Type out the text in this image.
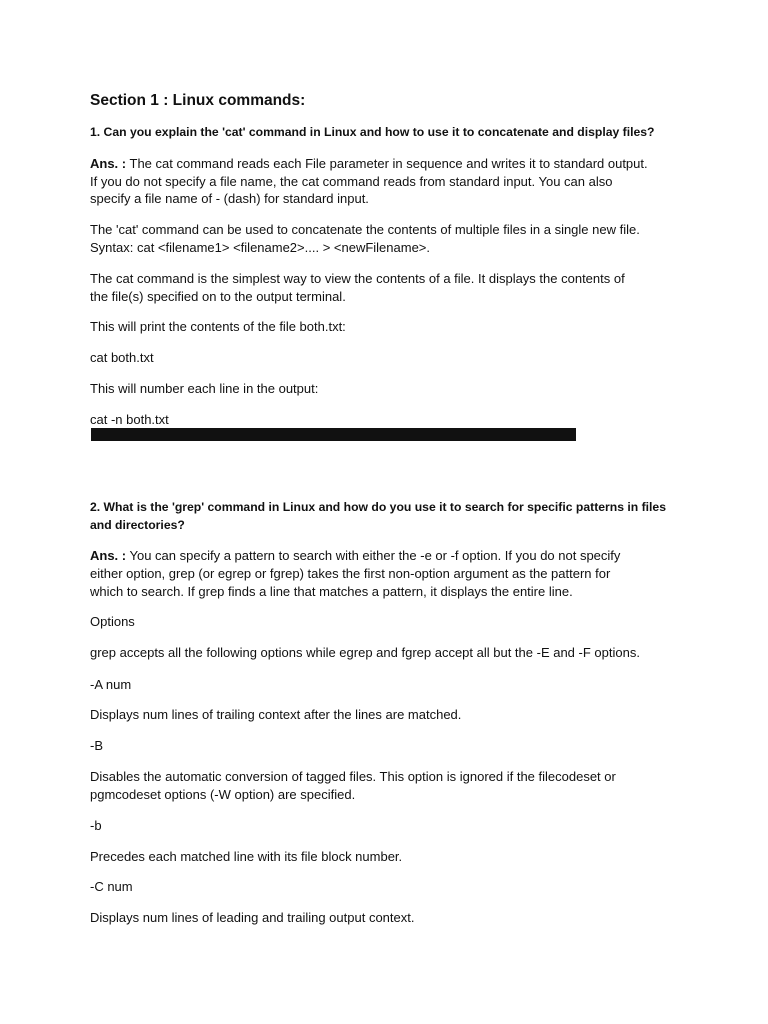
Section 1 : Linux commands:
1. Can you explain the 'cat' command in Linux and how to use it to concatenate and display files?
Ans. : The cat command reads each File parameter in sequence and writes it to standard output.
If you do not specify a file name, the cat command reads from standard input. You can also
specify a file name of - (dash) for standard input.
The 'cat' command can be used to concatenate the contents of multiple files in a single new file.
Syntax: cat <filename1> <filename2>.... > <newFilename>.
The cat command is the simplest way to view the contents of a file. It displays the contents of
the file(s) specified on to the output terminal.
This will print the contents of the file both.txt:
cat both.txt
This will number each line in the output:
cat -n both.txt
2. What is the 'grep' command in Linux and how do you use it to search for specific patterns in files
and directories?
Ans. : You can specify a pattern to search with either the -e or -f option. If you do not specify
either option, grep (or egrep or fgrep) takes the first non-option argument as the pattern for
which to search. If grep finds a line that matches a pattern, it displays the entire line.
Options
grep accepts all the following options while egrep and fgrep accept all but the -E and -F options.
-A num
Displays num lines of trailing context after the lines are matched.
-B
Disables the automatic conversion of tagged files. This option is ignored if the filecodeset or
pgmcodeset options (-W option) are specified.
-b
Precedes each matched line with its file block number.
-C num
Displays num lines of leading and trailing output context.
